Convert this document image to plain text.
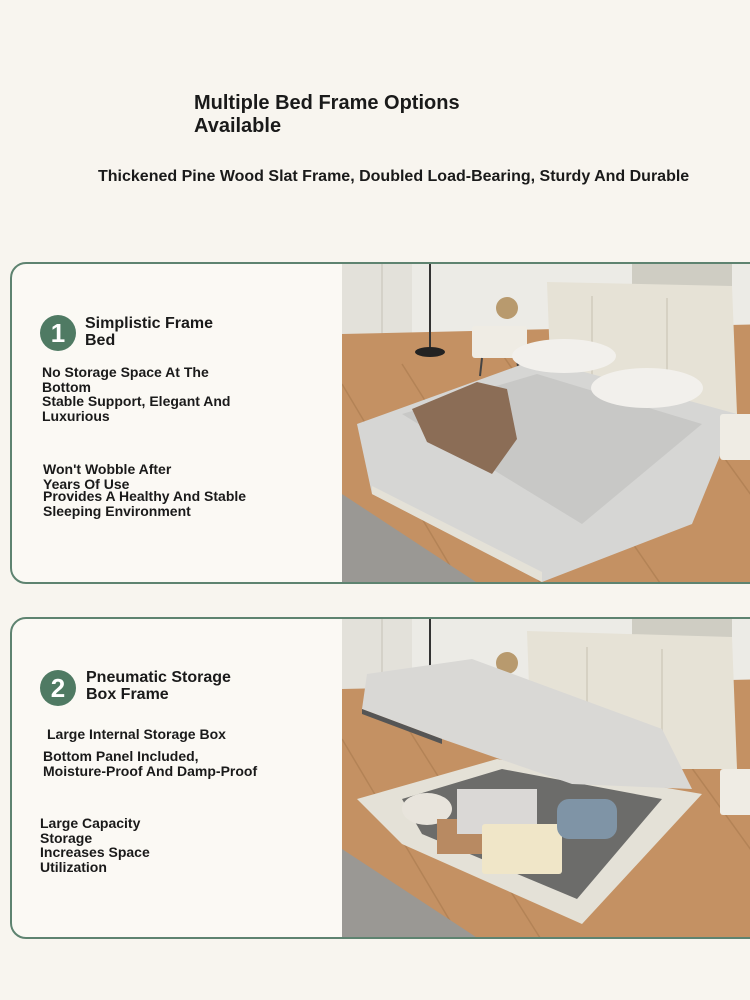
Multiple Bed Frame Options
Available
Thickened Pine Wood Slat Frame, Doubled Load-Bearing, Sturdy And Durable
1	Simplistic Frame
Bed
No Storage Space At The
Bottom
Stable Support, Elegant And
Luxurious
Won't Wobble After
Years Of Use
Provides A Healthy And Stable
Sleeping Environment
2	Pneumatic Storage
Box Frame
Large Internal Storage Box
Bottom Panel Included,
Moisture-Proof And Damp-Proof
Large Capacity
Storage
Increases Space
Utilization
